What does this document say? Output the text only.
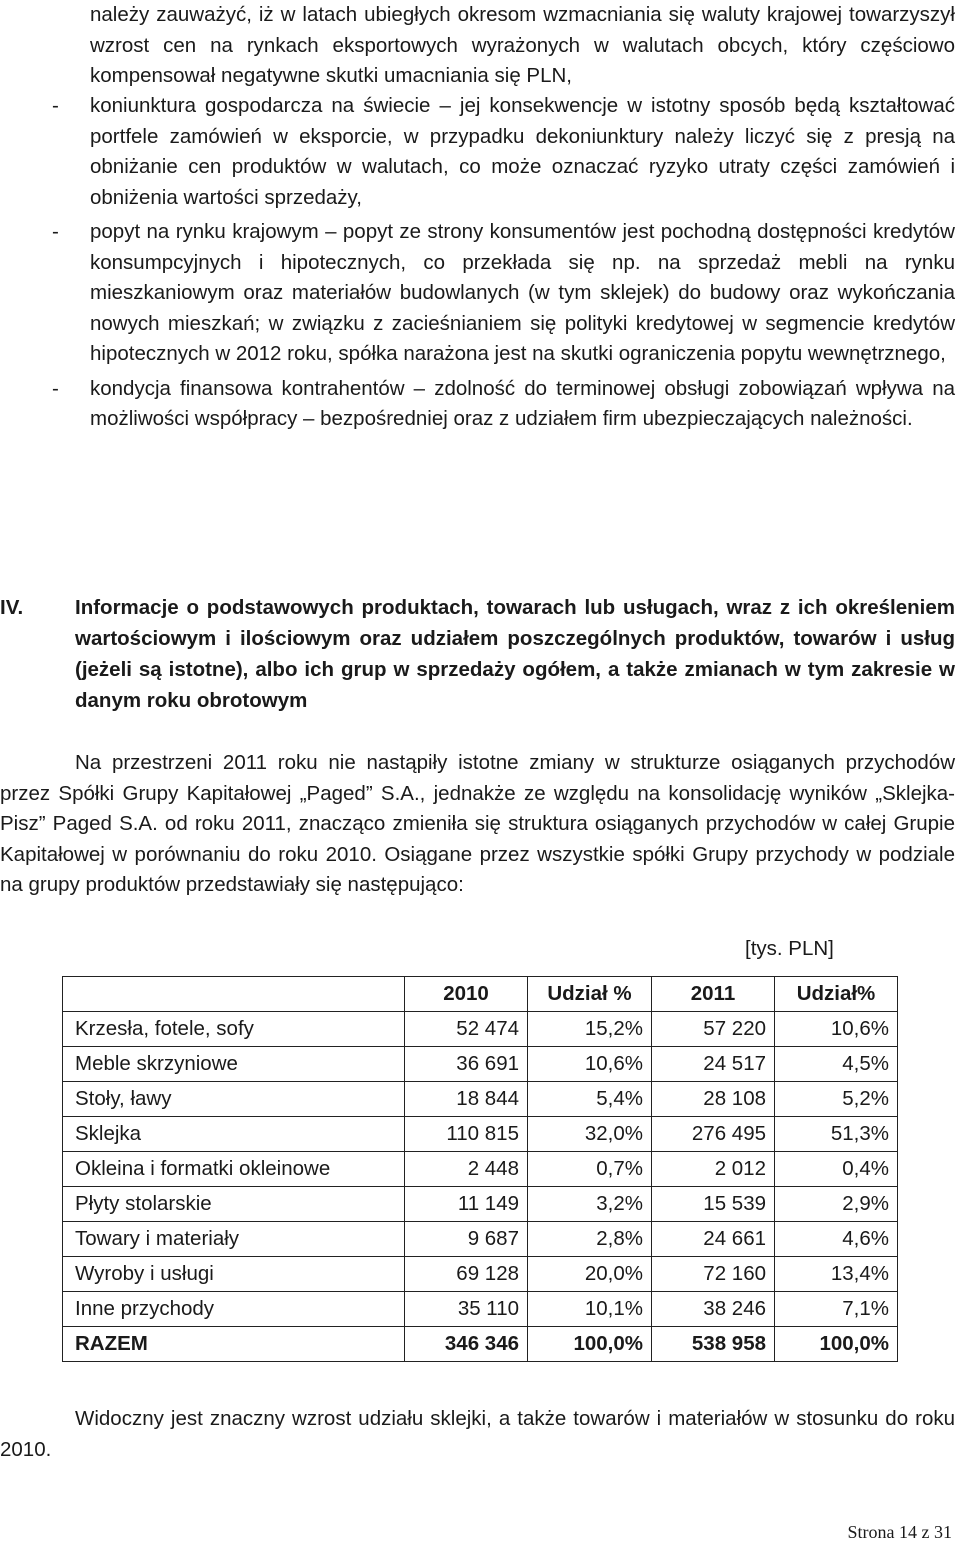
należy zauważyć, iż w latach ubiegłych okresom wzmacniania się waluty krajowej towarzyszył wzrost cen na rynkach eksportowych wyrażonych w walutach obcych, który częściowo kompensował negatywne skutki umacniania się PLN,

- koniunktura gospodarcza na świecie – jej konsekwencje w istotny sposób będą kształtować portfele zamówień w eksporcie, w przypadku dekoniunktury należy liczyć się z presją na obniżanie cen produktów w walutach, co może oznaczać ryzyko utraty części zamówień i obniżenia wartości sprzedaży,
- popyt na rynku krajowym – popyt ze strony konsumentów jest pochodną dostępności kredytów konsumpcyjnych i hipotecznych, co przekłada się np. na sprzedaż mebli na rynku mieszkaniowym oraz materiałów budowlanych (w tym sklejek) do budowy oraz wykończania nowych mieszkań; w związku z zacieśnianiem się polityki kredytowej w segmencie kredytów hipotecznych w 2012 roku, spółka narażona jest na skutki ograniczenia popytu wewnętrznego,
- kondycja finansowa kontrahentów – zdolność do terminowej obsługi zobowiązań wpływa na możliwości współpracy – bezpośredniej oraz z udziałem firm ubezpieczających należności.
IV.	Informacje o podstawowych produktach, towarach lub usługach, wraz z ich określeniem wartościowym i ilościowym oraz udziałem poszczególnych produktów, towarów i usług (jeżeli są istotne), albo ich grup w sprzedaży ogółem, a także zmianach w tym zakresie w danym roku obrotowym

Na przestrzeni 2011 roku nie nastąpiły istotne zmiany w strukturze osiąganych przychodów przez Spółki Grupy Kapitałowej „Paged” S.A., jednakże ze względu na konsolidację wyników „Sklejka-Pisz” Paged S.A. od roku 2011, znacząco zmieniła się struktura osiąganych przychodów w całej Grupie Kapitałowej w porównaniu do roku 2010. Osiągane przez wszystkie spółki Grupy przychody w podziale na grupy produktów przedstawiały się następująco:

[tys. PLN]
	2010	Udział %	2011	Udział%
Krzesła, fotele, sofy	52 474	15,2%	57 220	10,6%
Meble skrzyniowe	36 691	10,6%	24 517	4,5%
Stoły, ławy	18 844	5,4%	28 108	5,2%
Sklejka	110 815	32,0%	276 495	51,3%
Okleina i formatki okleinowe	2 448	0,7%	2 012	0,4%
Płyty stolarskie	11 149	3,2%	15 539	2,9%
Towary i materiały	9 687	2,8%	24 661	4,6%
Wyroby i usługi	69 128	20,0%	72 160	13,4%
Inne przychody	35 110	10,1%	38 246	7,1%
RAZEM	346 346	100,0%	538 958	100,0%

Widoczny jest znaczny wzrost udziału sklejki, a także towarów i materiałów w stosunku do roku 2010.

Strona 14 z 31
